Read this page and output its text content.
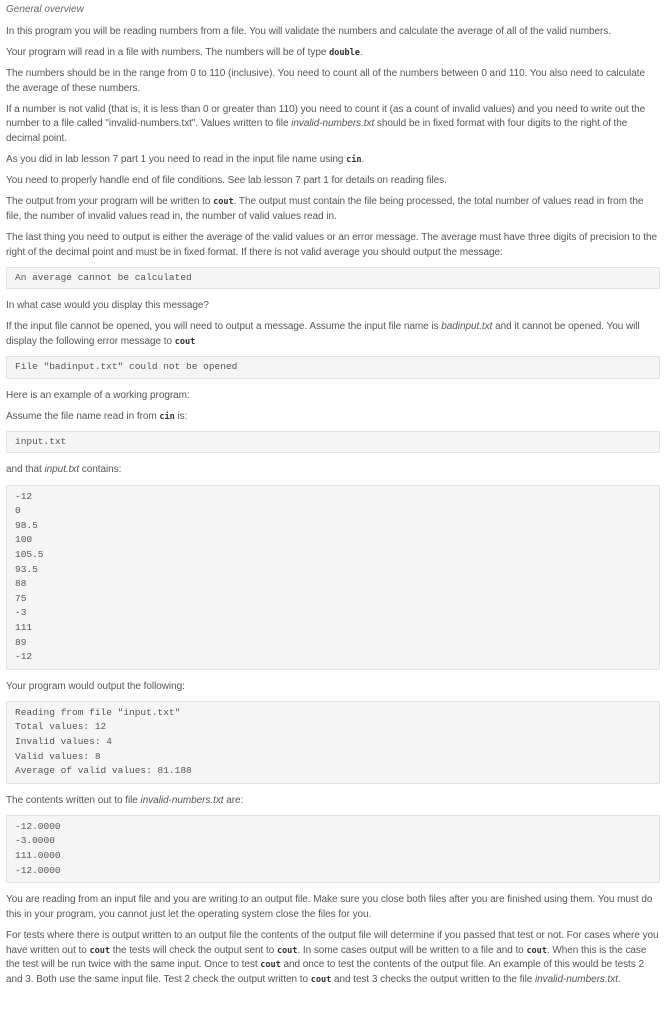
General overview

In this program you will be reading numbers from a file. You will validate the numbers and calculate the average of all of the valid numbers.

Your program will read in a file with numbers. The numbers will be of type double.

The numbers should be in the range from 0 to 110 (inclusive). You need to count all of the numbers between 0 and 110. You also need to calculate the average of these numbers.

If a number is not valid (that is, it is less than 0 or greater than 110) you need to count it (as a count of invalid values) and you need to write out the number to a file called "invalid-numbers.txt". Values written to file invalid-numbers.txt should be in fixed format with four digits to the right of the decimal point.

As you did in lab lesson 7 part 1 you need to read in the input file name using cin.

You need to properly handle end of file conditions. See lab lesson 7 part 1 for details on reading files.

The output from your program will be written to cout. The output must contain the file being processed, the total number of values read in from the file, the number of invalid values read in, the number of valid values read in.

The last thing you need to output is either the average of the valid values or an error message. The average must have three digits of precision to the right of the decimal point and must be in fixed format. If there is not valid average you should output the message:

An average cannot be calculated

In what case would you display this message?

If the input file cannot be opened, you will need to output a message. Assume the input file name is badinput.txt and it cannot be opened. You will display the following error message to cout

File "badinput.txt" could not be opened

Here is an example of a working program:

Assume the file name read in from cin is:

input.txt

and that input.txt contains:

-12
0
98.5
100
105.5
93.5
88
75
-3
111
89
-12

Your program would output the following:

Reading from file "input.txt"
Total values: 12
Invalid values: 4
Valid values: 8
Average of valid values: 81.188

The contents written out to file invalid-numbers.txt are:

-12.0000
-3.0000
111.0000
-12.0000

You are reading from an input file and you are writing to an output file. Make sure you close both files after you are finished using them. You must do this in your program, you cannot just let the operating system close the files for you.

For tests where there is output written to an output file the contents of the output file will determine if you passed that test or not. For cases where you have written out to cout the tests will check the output sent to cout. In some cases output will be written to a file and to cout. When this is the case the test will be run twice with the same input. Once to test cout and once to test the contents of the output file. An example of this would be tests 2 and 3. Both use the same input file. Test 2 check the output written to cout and test 3 checks the output written to the file invalid-numbers.txt.
